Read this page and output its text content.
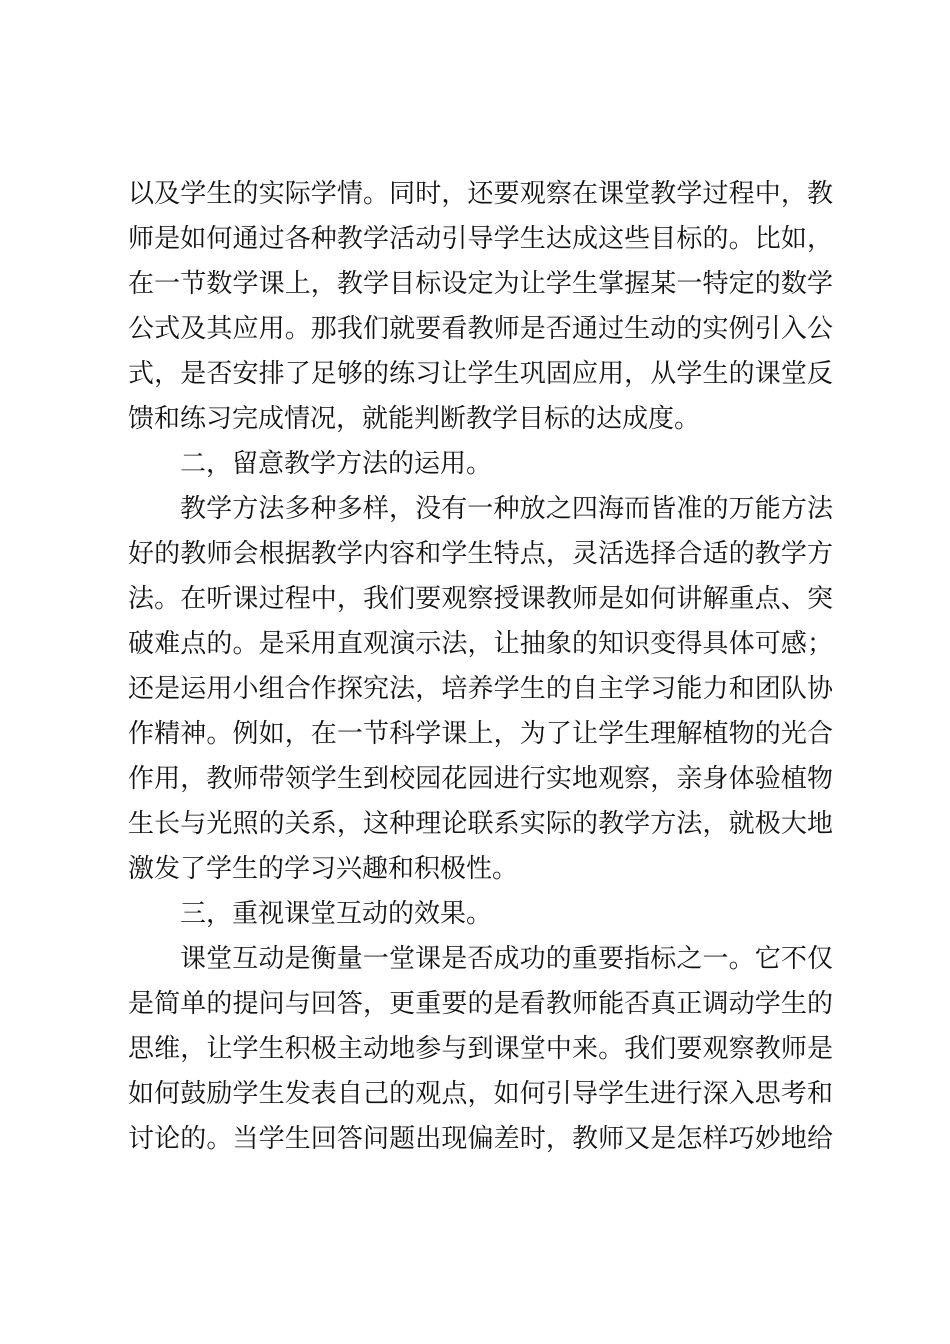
以及学生的实际学情。同时，还要观察在课堂教学过程中，教
师是如何通过各种教学活动引导学生达成这些目标的。比如，
在一节数学课上，教学目标设定为让学生掌握某一特定的数学
公式及其应用。那我们就要看教师是否通过生动的实例引入公
式，是否安排了足够的练习让学生巩固应用，从学生的课堂反
馈和练习完成情况，就能判断教学目标的达成度。
二，留意教学方法的运用。
教学方法多种多样，没有一种放之四海而皆准的万能方法
好的教师会根据教学内容和学生特点，灵活选择合适的教学方
法。在听课过程中，我们要观察授课教师是如何讲解重点、突
破难点的。是采用直观演示法，让抽象的知识变得具体可感；
还是运用小组合作探究法，培养学生的自主学习能力和团队协
作精神。例如，在一节科学课上，为了让学生理解植物的光合
作用，教师带领学生到校园花园进行实地观察，亲身体验植物
生长与光照的关系，这种理论联系实际的教学方法，就极大地
激发了学生的学习兴趣和积极性。
三，重视课堂互动的效果。
课堂互动是衡量一堂课是否成功的重要指标之一。它不仅
是简单的提问与回答，更重要的是看教师能否真正调动学生的
思维，让学生积极主动地参与到课堂中来。我们要观察教师是
如何鼓励学生发表自己的观点，如何引导学生进行深入思考和
讨论的。当学生回答问题出现偏差时，教师又是怎样巧妙地给
